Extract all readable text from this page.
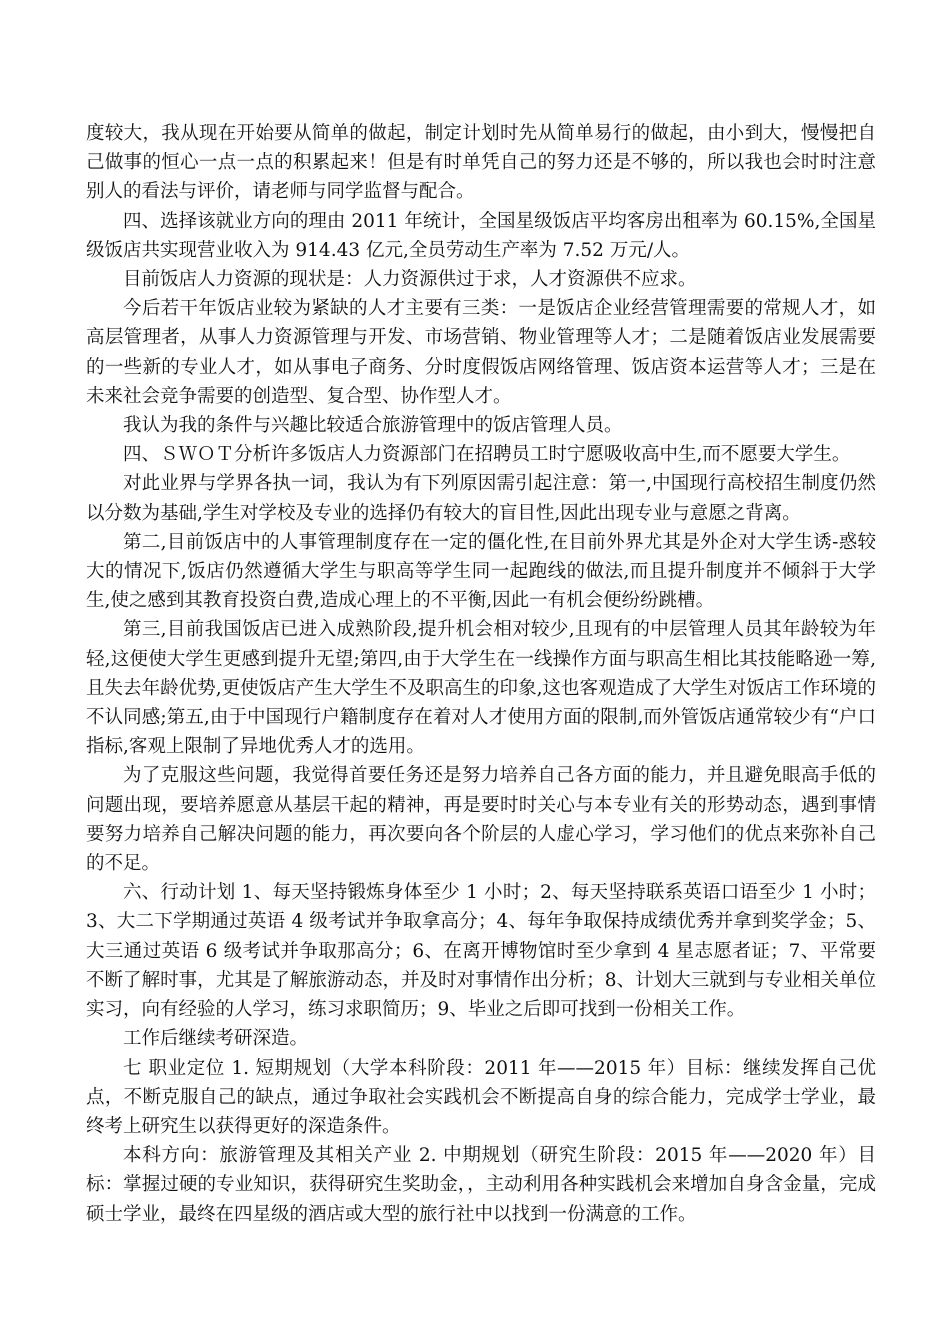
度较大，我从现在开始要从简单的做起，制定计划时先从简单易行的做起，由小到大，慢慢把自己做事的恒心一点一点的积累起来！但是有时单凭自己的努力还是不够的，所以我也会时时注意别人的看法与评价，请老师与同学监督与配合。

四、选择该就业方向的理由 2011 年统计，全国星级饭店平均客房出租率为 60.15%,全国星级饭店共实现营业收入为 914.43 亿元,全员劳动生产率为 7.52 万元/人。

目前饭店人力资源的现状是：人力资源供过于求，人才资源供不应求。

今后若干年饭店业较为紧缺的人才主要有三类：一是饭店企业经营管理需要的常规人才，如高层管理者，从事人力资源管理与开发、市场营销、物业管理等人才；二是随着饭店业发展需要的一些新的专业人才，如从事电子商务、分时度假饭店网络管理、饭店资本运营等人才；三是在未来社会竞争需要的创造型、复合型、协作型人才。

我认为我的条件与兴趣比较适合旅游管理中的饭店管理人员。

四、ＳＷＯＴ分析许多饭店人力资源部门在招聘员工时宁愿吸收高中生,而不愿要大学生。

对此业界与学界各执一词，我认为有下列原因需引起注意：第一,中国现行高校招生制度仍然以分数为基础,学生对学校及专业的选择仍有较大的盲目性,因此出现专业与意愿之背离。

第二,目前饭店中的人事管理制度存在一定的僵化性,在目前外界尤其是外企对大学生诱-惑较大的情况下,饭店仍然遵循大学生与职高等学生同一起跑线的做法,而且提升制度并不倾斜于大学生,使之感到其教育投资白费,造成心理上的不平衡,因此一有机会便纷纷跳槽。

第三,目前我国饭店已进入成熟阶段,提升机会相对较少,且现有的中层管理人员其年龄较为年轻,这便使大学生更感到提升无望;第四,由于大学生在一线操作方面与职高生相比其技能略逊一筹,且失去年龄优势,更使饭店产生大学生不及职高生的印象,这也客观造成了大学生对饭店工作环境的不认同感;第五,由于中国现行户籍制度存在着对人才使用方面的限制,而外管饭店通常较少有“户口指标,客观上限制了异地优秀人才的选用。

为了克服这些问题，我觉得首要任务还是努力培养自己各方面的能力，并且避免眼高手低的问题出现，要培养愿意从基层干起的精神，再是要时时关心与本专业有关的形势动态，遇到事情要努力培养自己解决问题的能力，再次要向各个阶层的人虚心学习，学习他们的优点来弥补自己的不足。

六、行动计划 1、每天坚持锻炼身体至少 1 小时；2、每天坚持联系英语口语至少 1 小时；3、大二下学期通过英语 4 级考试并争取拿高分；4、每年争取保持成绩优秀并拿到奖学金；5、大三通过英语 6 级考试并争取那高分；6、在离开博物馆时至少拿到 4 星志愿者证；7、平常要不断了解时事，尤其是了解旅游动态，并及时对事情作出分析；8、计划大三就到与专业相关单位实习，向有经验的人学习，练习求职简历；9、毕业之后即可找到一份相关工作。

工作后继续考研深造。

七 职业定位 1. 短期规划（大学本科阶段：2011 年——2015 年）目标：继续发挥自己优点，不断克服自己的缺点，通过争取社会实践机会不断提高自身的综合能力，完成学士学业，最终考上研究生以获得更好的深造条件。

本科方向：旅游管理及其相关产业 2. 中期规划（研究生阶段：2015 年——2020 年）目标：掌握过硬的专业知识，获得研究生奖助金，，主动利用各种实践机会来增加自身含金量，完成硕士学业，最终在四星级的酒店或大型的旅行社中以找到一份满意的工作。
